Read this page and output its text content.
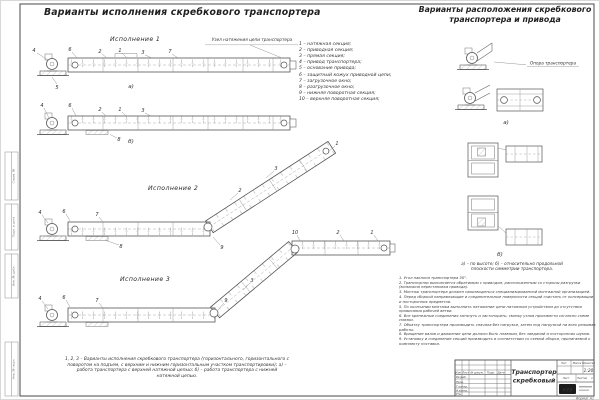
Справ. №
Подп. и дата
Инв. № дубл.
Инв. № подл.
4	6	2	1	3	7
5	а)
4	6
2	1	3
8 б)	1
3
2
9
7
8
4	6
10	2	1
3
9
7
4	6
Опора транспортера
а)
б)
Изм. Лист № докум. Подп. Дата
Разраб.
Пров.
Т.контр.
Н.контр.
Утв.
Транспортер
скребковый
Лит. Масса Масштаб
1:20
Лист	Листов 1
КУБ
Формат А1
Варианты исполнения скребкового транспортера	Варианты расположения скребкового
транспортера и привода
Исполнение 1
Исполнение 2
Исполнение 3
Узел натяжения цепи транспортера
1 – натяжная секция;
2 – приводная секция;
3 – прямая секция;
4 – привод транспортера;
5 – основание привода;
6 – защитный кожух приводной цепи;
7 – загрузочное окно;
8 – разгрузочное окно;
9 – нижняя поворотная секция;
10 – верхняя поворотная секция;
1, 2, 3 – Варианты исполнения скребкового транспортера (горизонтального, горизонтального с
поворотом на подъем, с верхним и нижним горизонтальным участком транспортировки); а) –
работа транспортера с верхней натяжной цепью; б) – работа транспортера с нижней
натяжной цепью.
а) – по высоте; б) – относительно продольной
плоскости симметрии транспортера.
1. Угол наклона транспортера 30°.
2. Транспортер выполняется обратимым с приводом, расположенным со стороны разгрузки (возможна перестановка привода).
3. Монтаж транспортера должен производиться специализированной монтажной организацией.
4. Перед сборкой направляющие и соединительные поверхности секций очистить от консервации и посторонних предметов.
5. По окончании монтажа выполнить натяжение цепи натяжным устройством до отсутствия провисания рабочей ветви.
6. Все крепежные соединения затянуть и застопорить; смазку узлов произвести согласно схеме смазки.
7. Обкатку транспортера производить сначала без нагрузки, затем под нагрузкой на всех режимах работы.
8. Вращение валов и движение цепи должно быть плавным, без заеданий и посторонних шумов.
9. Установку и соединение секций производить в соответствии со схемой сборки, прилагаемой к комплекту поставки.
